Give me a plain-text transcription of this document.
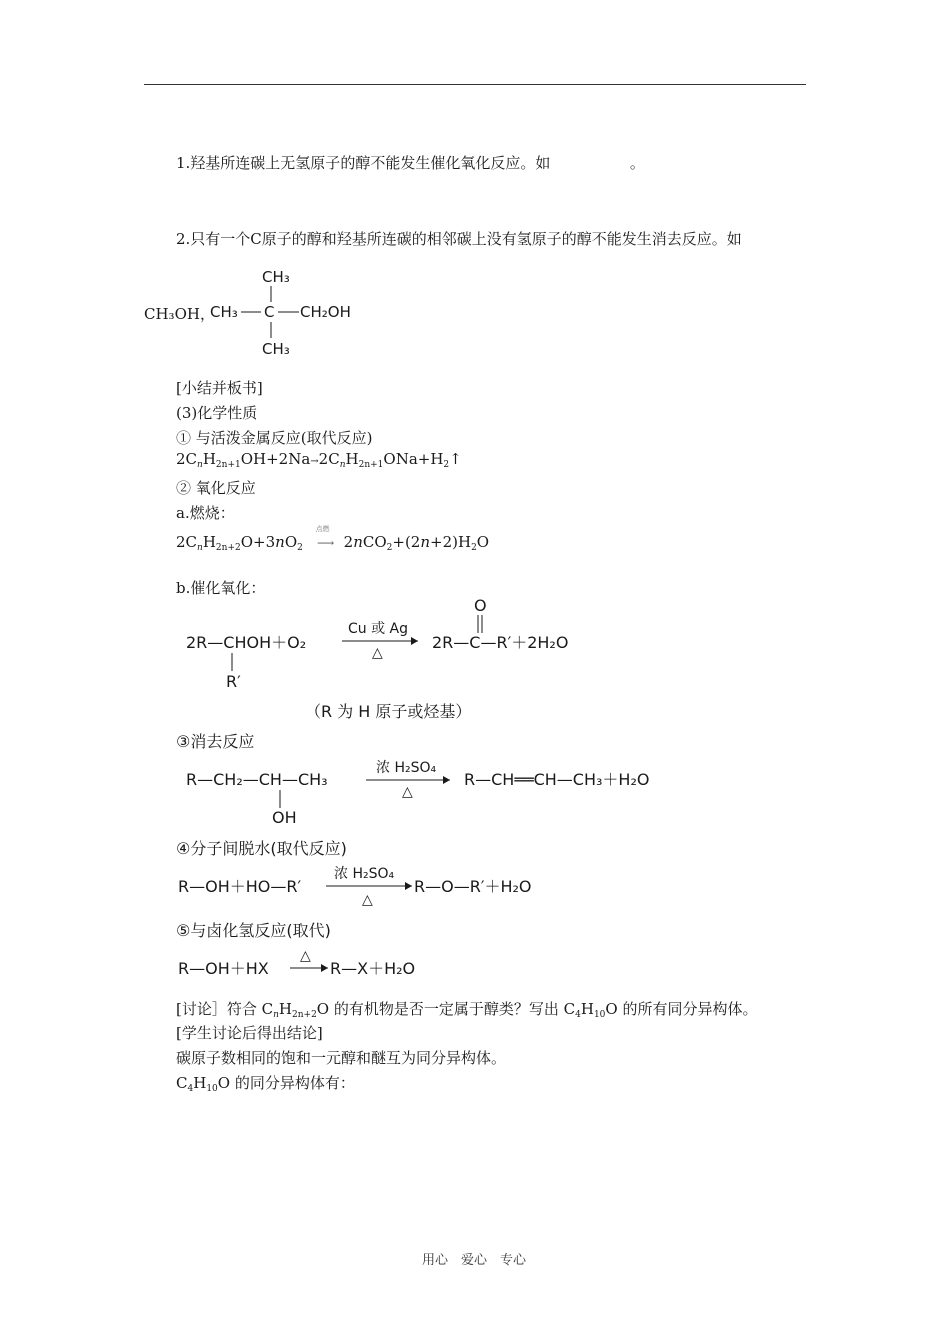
1.羟基所连碳上无氢原子的醇不能发生催化氧化反应。如	。
2.只有一个C原子的醇和羟基所连碳的相邻碳上没有氢原子的醇不能发生消去反应。如
CH₃OH，
CH₃
CH₃ C CH₂OH
CH₃
[小结并板书]
(3)化学性质
① 与活泼金属反应(取代反应)
$2C_nH_{2n+1}OH+2Na\to 2C_nH_{2n+1}ONa+H_2↑$
② 氧化反应
a.燃烧：
$2C_nH_{2n+2}O+3nO_2$
点燃
⟶ $2nCO_2+(2n+2)H_2O$
b.催化氧化：
2R—CHOH＋O₂
R′
Cu 或 Ag
△
O
2R—C—R′＋2H₂O
（R 为 H 原子或烃基）
③消去反应
R—CH₂—CH—CH₃
OH
浓 H₂SO₄
△
R—CH══CH—CH₃＋H₂O
④分子间脱水(取代反应)
R—OH＋HO—R′
浓 H₂SO₄
△
R—O—R′＋H₂O
⑤与卤化氢反应(取代)
R—OH＋HX
△
R—X＋H₂O
[讨论］符合 $C_nH_{2n+2}O$ 的有机物是否一定属于醇类？写出 $C_4H_{10}O$ 的所有同分异构体。
[学生讨论后得出结论]
碳原子数相同的饱和一元醇和醚互为同分异构体。
$C_4H_{10}O$ 的同分异构体有：
用心　爱心　专心
